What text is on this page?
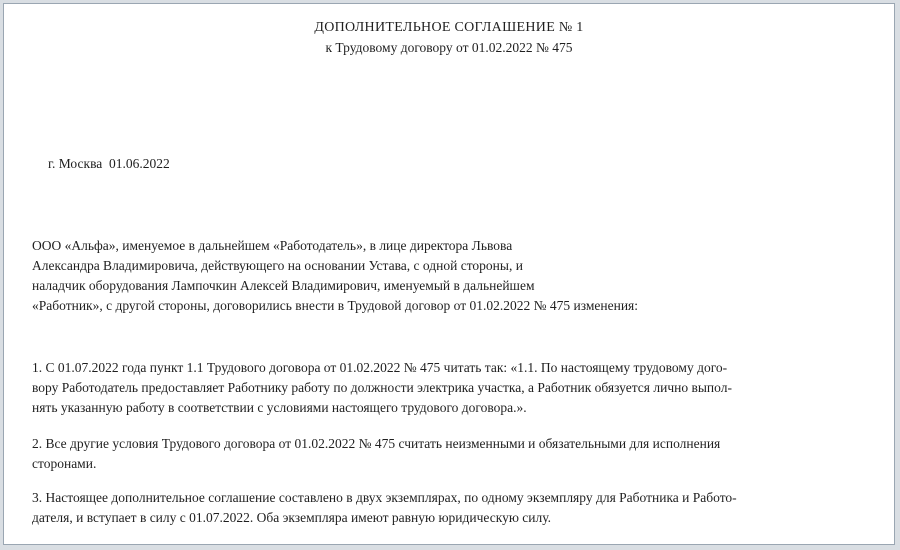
ДОПОЛНИТЕЛЬНОЕ СОГЛАШЕНИЕ № 1
к Трудовому договору от 01.02.2022 № 475
г. Москва  01.06.2022
ООО «Альфа», именуемое в дальнейшем «Работодатель», в лице директора Львова
Александра Владимировича, действующего на основании Устава, с одной стороны, и
наладчик оборудования Лампочкин Алексей Владимирович, именуемый в дальнейшем
«Работник», с другой стороны, договорились внести в Трудовой договор от 01.02.2022 № 475 изменения:
1. С 01.07.2022 года пункт 1.1 Трудового договора от 01.02.2022 № 475 читать так: «1.1. По настоящему трудовому дого-
вору Работодатель предоставляет Работнику работу по должности электрика участка, а Работник обязуется лично выпол-
нять указанную работу в соответствии с условиями настоящего трудового договора.».
2. Все другие условия Трудового договора от 01.02.2022 № 475 считать неизменными и обязательными для исполнения
сторонами.
3. Настоящее дополнительное соглашение составлено в двух экземплярах, по одному экземпляру для Работника и Работо-
дателя, и вступает в силу с 01.07.2022. Оба экземпляра имеют равную юридическую силу.
